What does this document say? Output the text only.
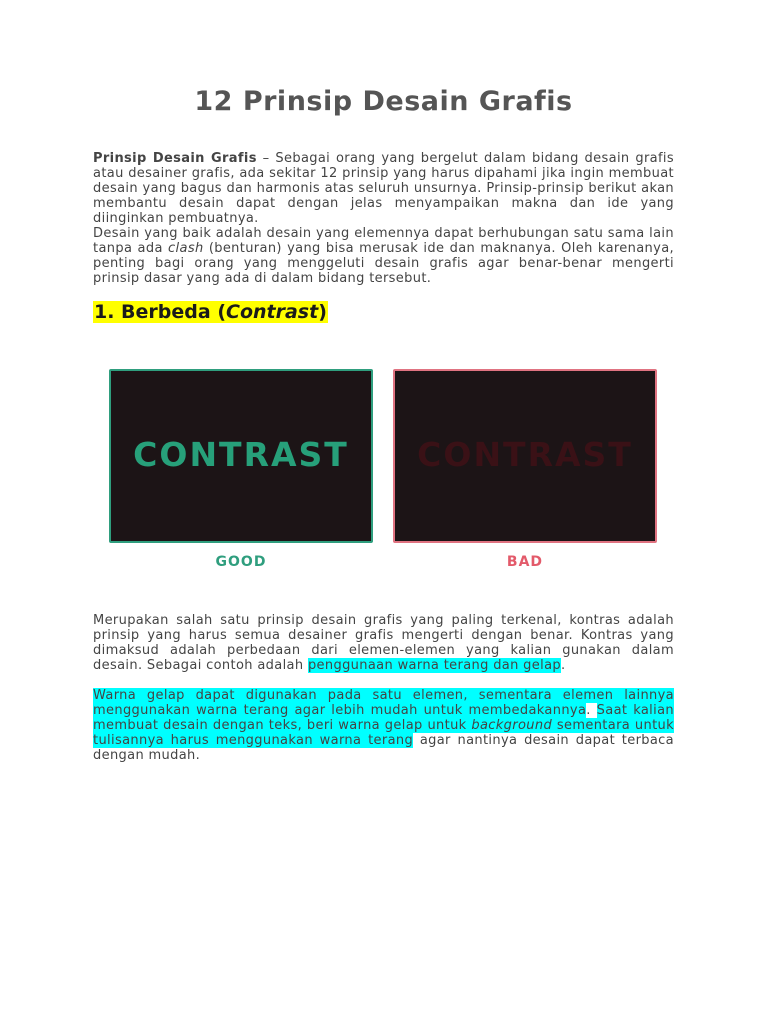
12 Prinsip Desain Grafis

Prinsip Desain Grafis – Sebagai orang yang bergelut dalam bidang desain grafis atau desainer grafis, ada sekitar 12 prinsip yang harus dipahami jika ingin membuat desain yang bagus dan harmonis atas seluruh unsurnya. Prinsip-prinsip berikut akan membantu desain dapat dengan jelas menyampaikan makna dan ide yang diinginkan pembuatnya.

Desain yang baik adalah desain yang elemennya dapat berhubungan satu sama lain tanpa ada clash (benturan) yang bisa merusak ide dan maknanya. Oleh karenanya, penting bagi orang yang menggeluti desain grafis agar benar-benar mengerti prinsip dasar yang ada di dalam bidang tersebut.

1. Berbeda (Contrast)
CONTRAST	CONTRAST
GOOD	BAD

Merupakan salah satu prinsip desain grafis yang paling terkenal, kontras adalah prinsip yang harus semua desainer grafis mengerti dengan benar. Kontras yang dimaksud adalah perbedaan dari elemen-elemen yang kalian gunakan dalam desain. Sebagai contoh adalah penggunaan warna terang dan gelap.

Warna gelap dapat digunakan pada satu elemen, sementara elemen lainnya menggunakan warna terang agar lebih mudah untuk membedakannya. Saat kalian membuat desain dengan teks, beri warna gelap untuk background sementara untuk tulisannya harus menggunakan warna terang agar nantinya desain dapat terbaca dengan mudah.
